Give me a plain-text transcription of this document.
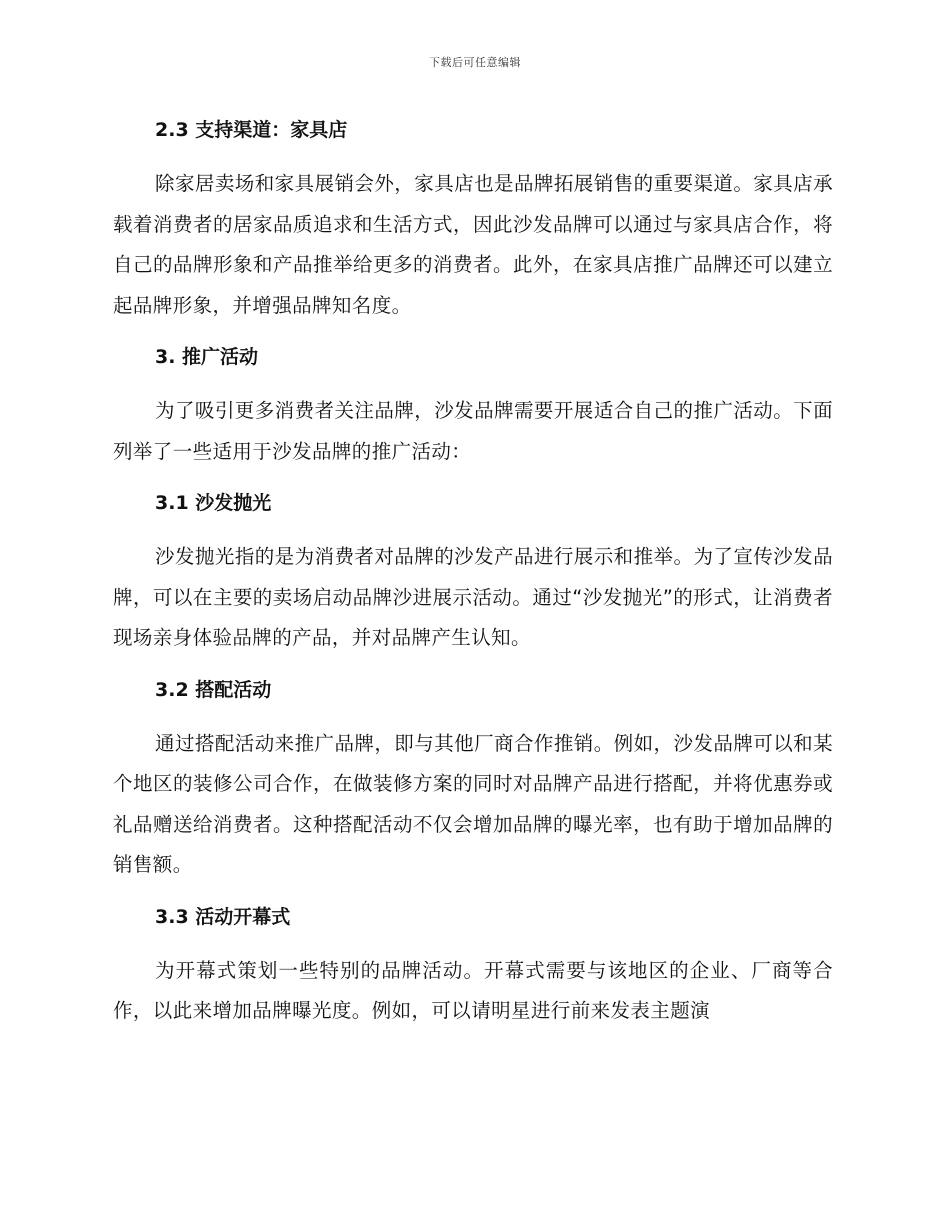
下载后可任意编辑
2.3 支持渠道：家具店

除家居卖场和家具展销会外，家具店也是品牌拓展销售的重要渠道。家具店承载着消费者的居家品质追求和生活方式，因此沙发品牌可以通过与家具店合作，将自己的品牌形象和产品推举给更多的消费者。此外，在家具店推广品牌还可以建立起品牌形象，并增强品牌知名度。

3. 推广活动

为了吸引更多消费者关注品牌，沙发品牌需要开展适合自己的推广活动。下面列举了一些适用于沙发品牌的推广活动：

3.1 沙发抛光

沙发抛光指的是为消费者对品牌的沙发产品进行展示和推举。为了宣传沙发品牌，可以在主要的卖场启动品牌沙进展示活动。通过“沙发抛光”的形式，让消费者现场亲身体验品牌的产品，并对品牌产生认知。

3.2 搭配活动

通过搭配活动来推广品牌，即与其他厂商合作推销。例如，沙发品牌可以和某个地区的装修公司合作，在做装修方案的同时对品牌产品进行搭配，并将优惠券或礼品赠送给消费者。这种搭配活动不仅会增加品牌的曝光率，也有助于增加品牌的销售额。

3.3 活动开幕式

为开幕式策划一些特别的品牌活动。开幕式需要与该地区的企业、厂商等合作，以此来增加品牌曝光度。例如，可以请明星进行前来发表主题演
